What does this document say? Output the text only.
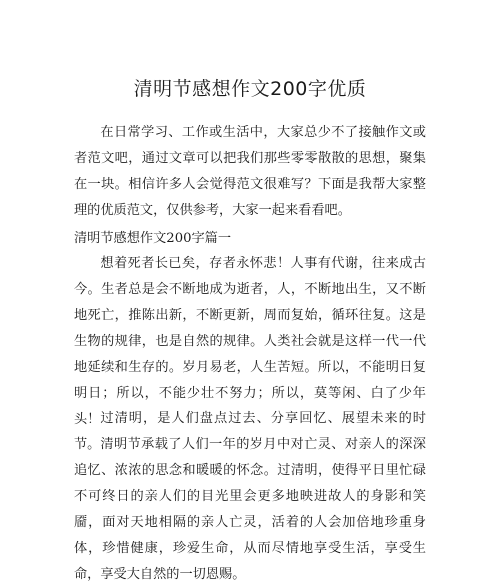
清明节感想作文200字优质

在日常学习、工作或生活中，大家总少不了接触作文或者范文吧，通过文章可以把我们那些零零散散的思想，聚集在一块。相信许多人会觉得范文很难写？下面是我帮大家整理的优质范文，仅供参考，大家一起来看看吧。

清明节感想作文200字篇一

想着死者长已矣，存者永怀悲！人事有代谢，往来成古今。生者总是会不断地成为逝者，人，不断地出生，又不断地死亡，推陈出新，不断更新，周而复始，循环往复。这是生物的规律，也是自然的规律。人类社会就是这样一代一代地延续和生存的。岁月易老，人生苦短。所以，不能明日复明日；所以，不能少壮不努力；所以，莫等闲、白了少年头！ 过清明，是人们盘点过去、分享回忆、展望未来的时节。 清明节承载了人们一年的岁月中对亡灵、对亲人的深深追忆、浓浓的思念和暖暖的怀念。过清明，使得平日里忙碌不可终日的亲人们的目光里会更多地映进故人的身影和笑靥，面对天地相隔的亲人亡灵，活着的人会加倍地珍重身体，珍惜健康，珍爱生命，从而尽情地享受生活，享受生命，享受大自然的一切恩赐。
